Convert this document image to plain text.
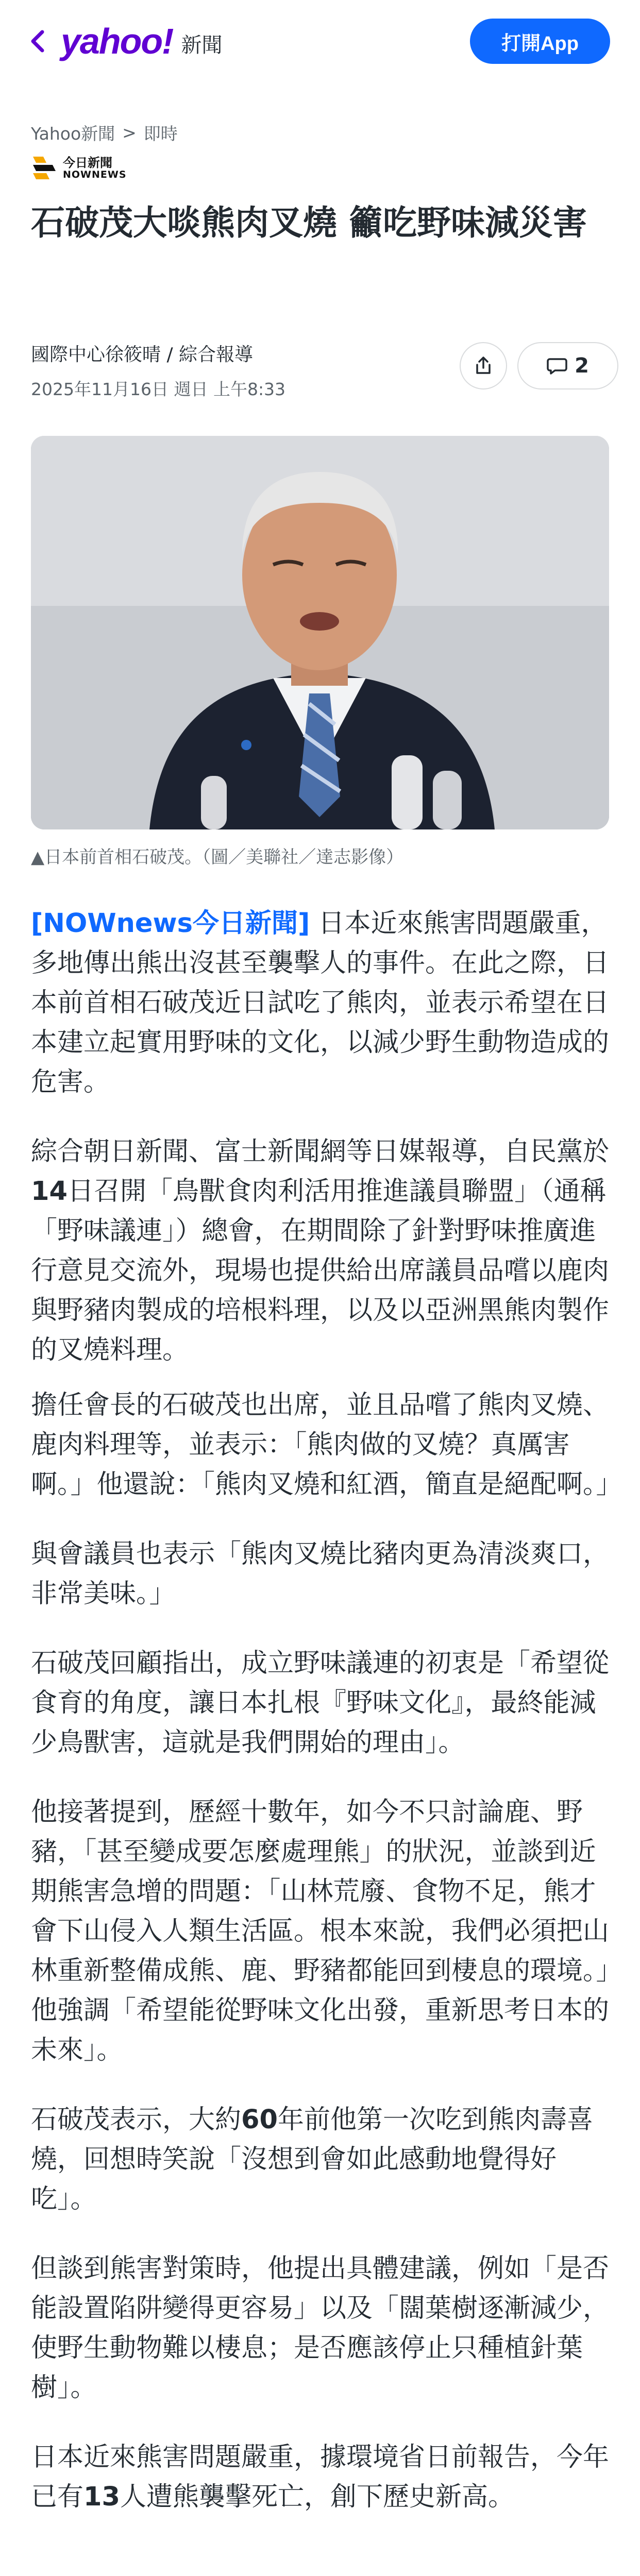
yahoo! 新聞	打開App
Yahoo新聞 > 即時
今日新聞
NOWNEWS
石破茂大啖熊肉叉燒 籲吃野味減災害
國際中心徐筱晴 / 綜合報導
2025年11月16日 週日 上午8:33
2
▲日本前首相石破茂。（圖／美聯社／達志影像）

[NOWnews今日新聞] 日本近來熊害問題嚴重，多地傳出熊出沒甚至襲擊人的事件。在此之際，日本前首相石破茂近日試吃了熊肉，並表示希望在日本建立起實用野味的文化，以減少野生動物造成的危害。

綜合朝日新聞、富士新聞網等日媒報導，自民黨於14日召開「鳥獸食肉利活用推進議員聯盟」（通稱「野味議連」）總會，在期間除了針對野味推廣進行意見交流外，現場也提供給出席議員品嚐以鹿肉與野豬肉製成的培根料理，以及以亞洲黑熊肉製作的叉燒料理。

擔任會長的石破茂也出席，並且品嚐了熊肉叉燒、鹿肉料理等，並表示：「熊肉做的叉燒？真厲害啊。」他還說：「熊肉叉燒和紅酒，簡直是絕配啊。」

與會議員也表示「熊肉叉燒比豬肉更為清淡爽口，非常美味。」

石破茂回顧指出，成立野味議連的初衷是「希望從食育的角度，讓日本扎根『野味文化』，最終能減少鳥獸害，這就是我們開始的理由」。

他接著提到，歷經十數年，如今不只討論鹿、野豬，「甚至變成要怎麼處理熊」的狀況，並談到近期熊害急增的問題：「山林荒廢、食物不足，熊才會下山侵入人類生活區。根本來說，我們必須把山林重新整備成熊、鹿、野豬都能回到棲息的環境。」他強調「希望能從野味文化出發，重新思考日本的未來」。

石破茂表示，大約60年前他第一次吃到熊肉壽喜燒，回想時笑說「沒想到會如此感動地覺得好吃」。

但談到熊害對策時，他提出具體建議，例如「是否能設置陷阱變得更容易」以及「闊葉樹逐漸減少，使野生動物難以棲息；是否應該停止只種植針葉樹」。

日本近來熊害問題嚴重，據環境省日前報告，今年已有13人遭熊襲擊死亡，創下歷史新高。
